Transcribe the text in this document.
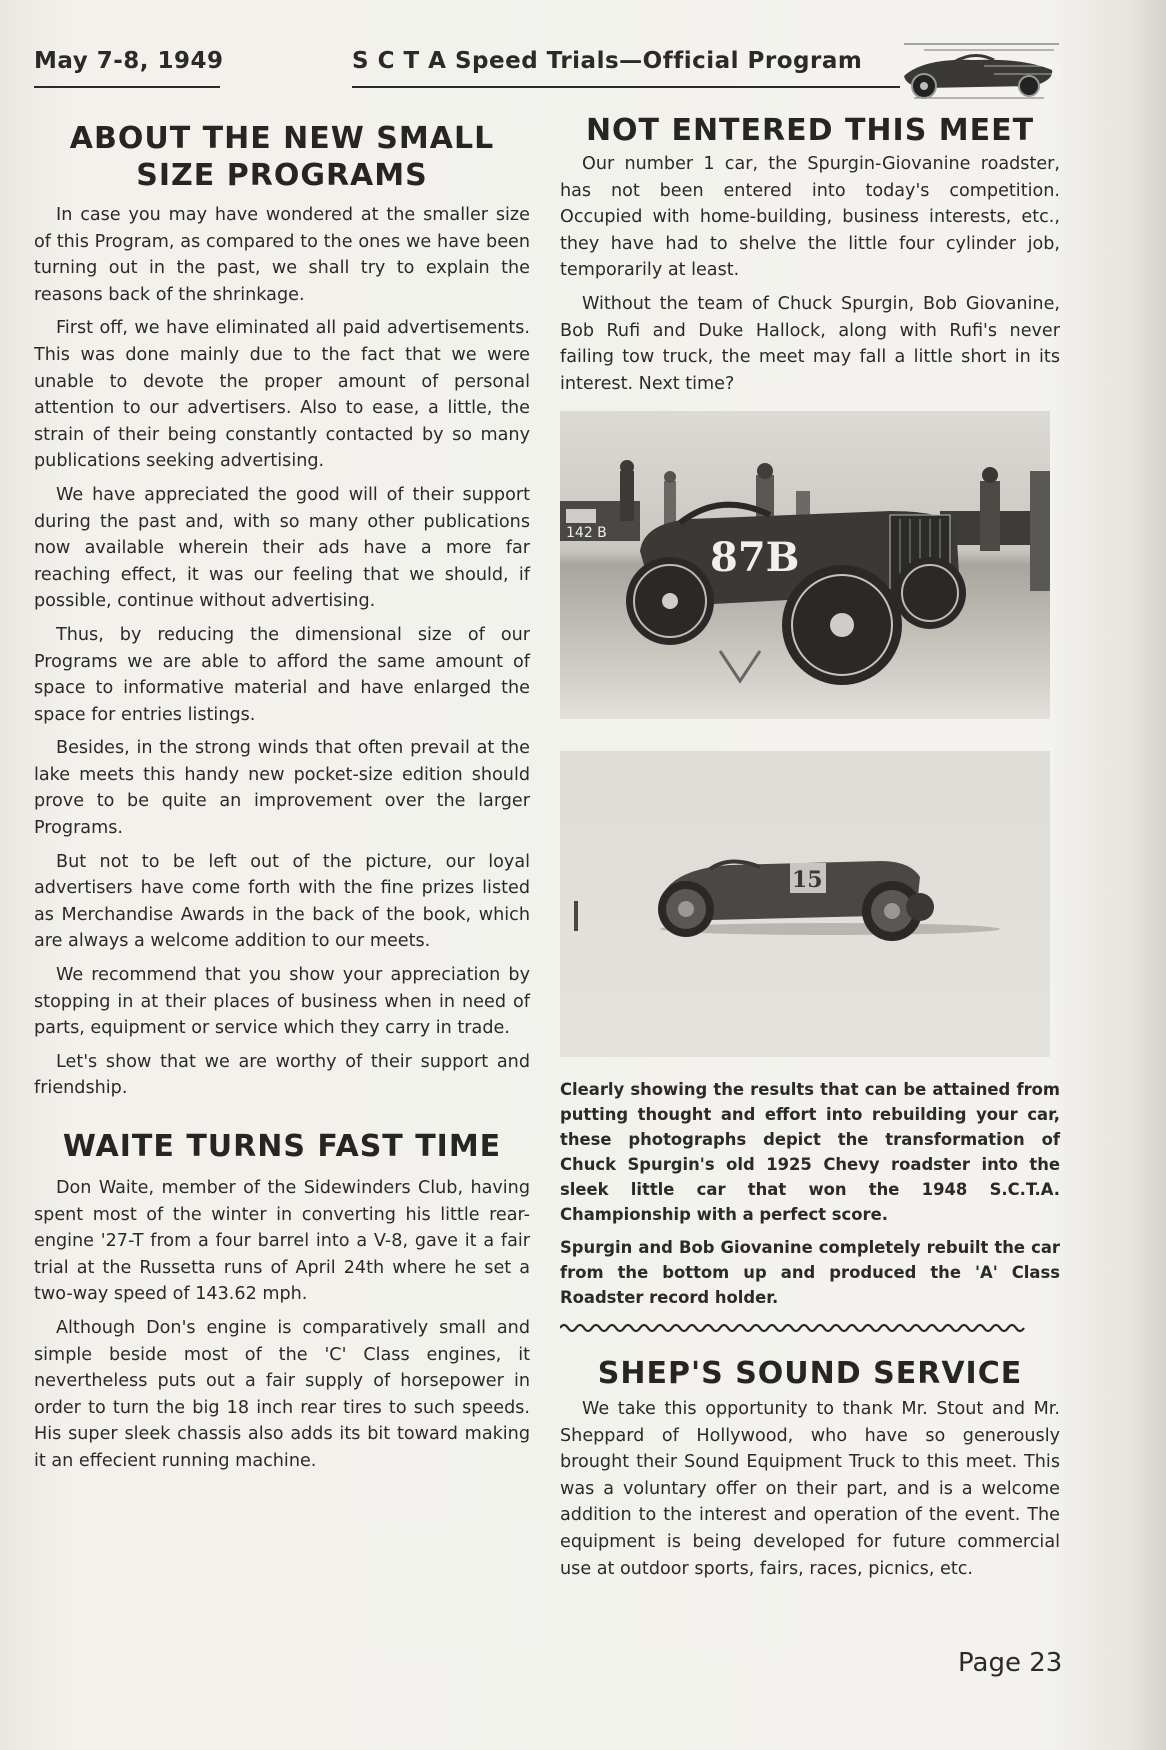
May 7-8, 1949	S C T A Speed Trials—Official Program
ABOUT THE NEW SMALL SIZE PROGRAMS

In case you may have wondered at the smaller size of this Program, as compared to the ones we have been turning out in the past, we shall try to explain the reasons back of the shrinkage.

First off, we have eliminated all paid advertisements. This was done mainly due to the fact that we were unable to devote the proper amount of personal attention to our advertisers. Also to ease, a little, the strain of their being constantly contacted by so many publications seeking advertising.

We have appreciated the good will of their support during the past and, with so many other publications now available wherein their ads have a more far reaching effect, it was our feeling that we should, if possible, continue without advertising.

Thus, by reducing the dimensional size of our Programs we are able to afford the same amount of space to informative material and have enlarged the space for entries listings.

Besides, in the strong winds that often prevail at the lake meets this handy new pocket-size edition should prove to be quite an improvement over the larger Programs.

But not to be left out of the picture, our loyal advertisers have come forth with the fine prizes listed as Merchandise Awards in the back of the book, which are always a welcome addition to our meets.

We recommend that you show your appreciation by stopping in at their places of business when in need of parts, equipment or service which they carry in trade.

Let's show that we are worthy of their support and friendship.

WAITE TURNS FAST TIME

Don Waite, member of the Sidewinders Club, having spent most of the winter in converting his little rear-engine '27-T from a four barrel into a V-8, gave it a fair trial at the Russetta runs of April 24th where he set a two-way speed of 143.62 mph.

Although Don's engine is comparatively small and simple beside most of the 'C' Class engines, it nevertheless puts out a fair supply of horsepower in order to turn the big 18 inch rear tires to such speeds. His super sleek chassis also adds its bit toward making it an effecient running machine.

NOT ENTERED THIS MEET

Our number 1 car, the Spurgin-Giovanine roadster, has not been entered into today's competition. Occupied with home-building, business interests, etc., they have had to shelve the little four cylinder job, temporarily at least.

Without the team of Chuck Spurgin, Bob Giovanine, Bob Rufi and Duke Hallock, along with Rufi's never failing tow truck, the meet may fall a little short in its interest. Next time?

142 B
87B
15

Clearly showing the results that can be attained from putting thought and effort into rebuilding your car, these photographs depict the transformation of Chuck Spurgin's old 1925 Chevy roadster into the sleek little car that won the 1948 S.C.T.A. Championship with a perfect score.

Spurgin and Bob Giovanine completely rebuilt the car from the bottom up and produced the 'A' Class Roadster record holder.

SHEP'S SOUND SERVICE

We take this opportunity to thank Mr. Stout and Mr. Sheppard of Hollywood, who have so generously brought their Sound Equipment Truck to this meet. This was a voluntary offer on their part, and is a welcome addition to the interest and operation of the event. The equipment is being developed for future commercial use at outdoor sports, fairs, races, picnics, etc.

Page 23
